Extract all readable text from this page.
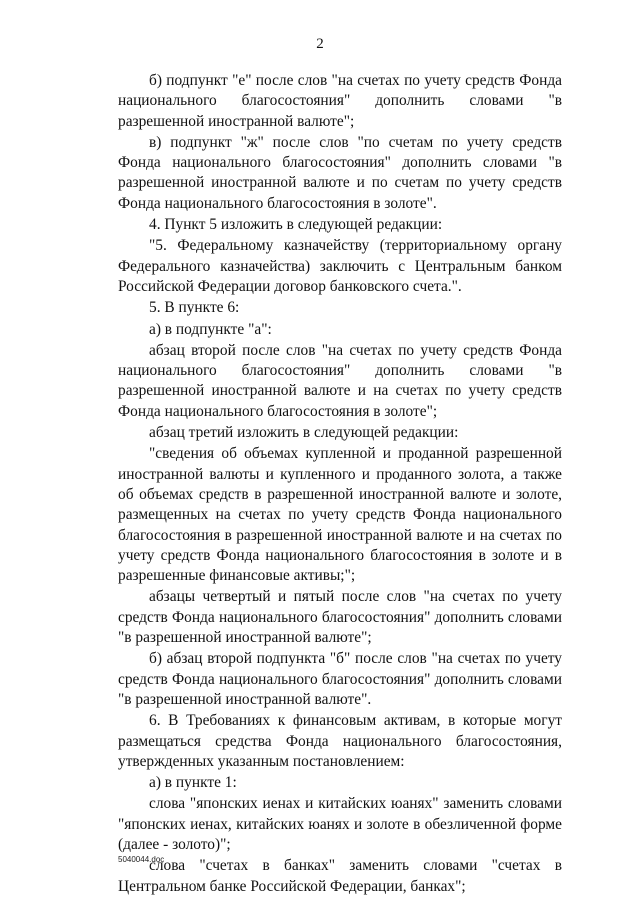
2

б) подпункт "е" после слов "на счетах по учету средств Фонда национального благосостояния" дополнить словами "в разрешенной иностранной валюте";

в) подпункт "ж" после слов "по счетам по учету средств Фонда национального благосостояния" дополнить словами "в разрешенной иностранной валюте и по счетам по учету средств Фонда национального благосостояния в золоте".

4. Пункт 5 изложить в следующей редакции:

"5. Федеральному казначейству (территориальному органу Федерального казначейства) заключить с Центральным банком Российской Федерации договор банковского счета.".

5. В пункте 6:

а) в подпункте "а":

абзац второй после слов "на счетах по учету средств Фонда национального благосостояния" дополнить словами "в разрешенной иностранной валюте и на счетах по учету средств Фонда национального благосостояния в золоте";

абзац третий изложить в следующей редакции:

"сведения об объемах купленной и проданной разрешенной иностранной валюты и купленного и проданного золота, а также об объемах средств в разрешенной иностранной валюте и золоте, размещенных на счетах по учету средств Фонда национального благосостояния в разрешенной иностранной валюте и на счетах по учету средств Фонда национального благосостояния в золоте и в разрешенные финансовые активы;";

абзацы четвертый и пятый после слов "на счетах по учету средств Фонда национального благосостояния" дополнить словами "в разрешенной иностранной валюте";

б) абзац второй подпункта "б" после слов "на счетах по учету средств Фонда национального благосостояния" дополнить словами "в разрешенной иностранной валюте".

6. В Требованиях к финансовым активам, в которые могут размещаться средства Фонда национального благосостояния, утвержденных указанным постановлением:

а) в пункте 1:

слова "японских иенах и китайских юанях" заменить словами "японских иенах, китайских юанях и золоте в обезличенной форме (далее - золото)";

слова "счетах в банках" заменить словами "счетах в Центральном банке Российской Федерации, банках";

5040044.doc
